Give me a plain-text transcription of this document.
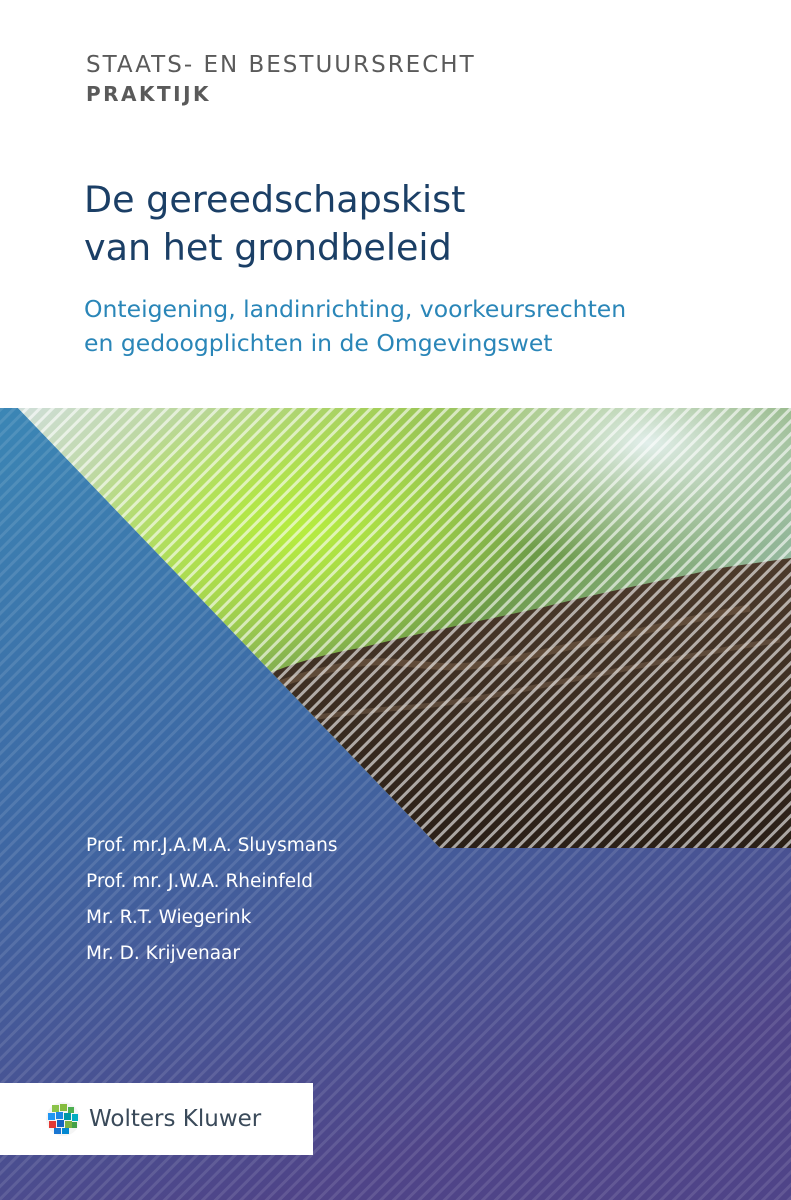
STAATS- EN BESTUURSRECHT
PRAKTIJK
De gereedschapskist
van het grondbeleid
Onteigening, landinrichting, voorkeursrechten
en gedoogplichten in de Omgevingswet
Prof. mr.J.A.M.A. Sluysmans
Prof. mr. J.W.A. Rheinfeld
Mr. R.T. Wiegerink
Mr. D. Krijvenaar
Wolters Kluwer
